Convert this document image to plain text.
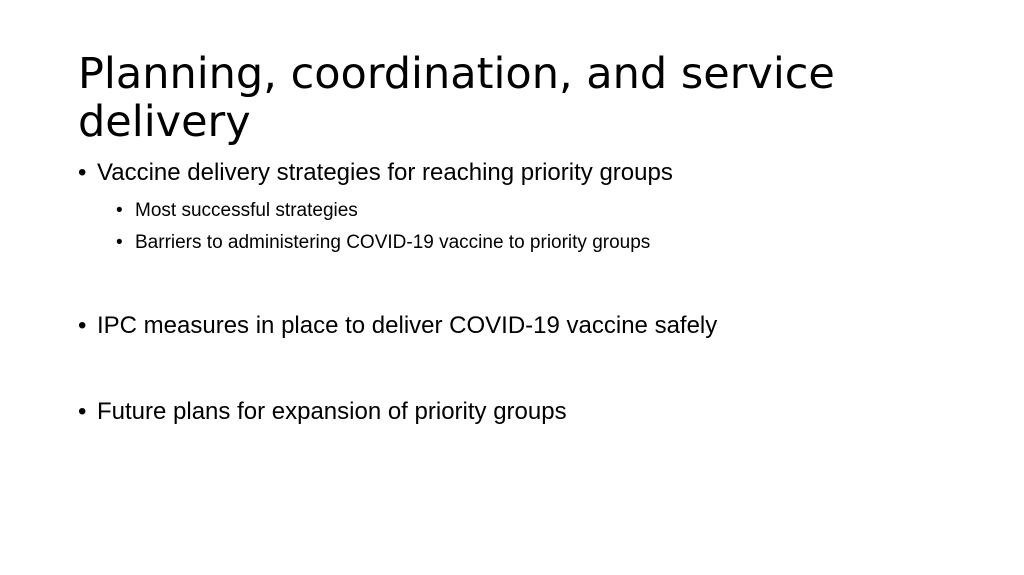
Planning, coordination, and service delivery
• Vaccine delivery strategies for reaching priority groups
• Most successful strategies
• Barriers to administering COVID-19 vaccine to priority groups
• IPC measures in place to deliver COVID-19 vaccine safely
• Future plans for expansion of priority groups
